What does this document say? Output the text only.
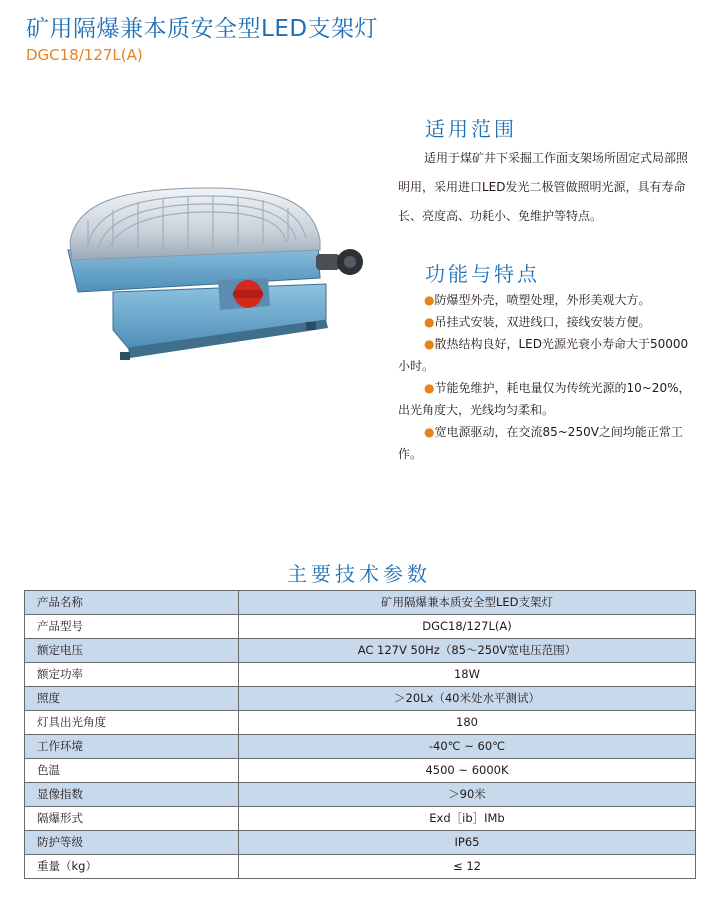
矿用隔爆兼本质安全型LED支架灯
DGC18/127L(A)
适用范围

适用于煤矿井下采掘工作面支架场所固定式局部照明用，采用进口LED发光二极管做照明光源，具有寿命长、亮度高、功耗小、免维护等特点。

功能与特点
●防爆型外壳，喷塑处理，外形美观大方。
●吊挂式安装，双进线口，接线安装方便。
●散热结构良好，LED光源光衰小寿命大于50000小时。
●节能免维护，耗电量仅为传统光源的10~20%，出光角度大，光线均匀柔和。
●宽电源驱动，在交流85~250V之间均能正常工作。
主要技术参数
产品名称	矿用隔爆兼本质安全型LED支架灯
产品型号	DGC18/127L(A)
额定电压	AC 127V 50Hz（85～250V宽电压范围）
额定功率	18W
照度	＞20Lx（40米处水平测试）
灯具出光角度	180
工作环境	-40℃ ~ 60℃
色温	4500 ~ 6000K
显像指数	＞90米
隔爆形式	Exd［ib］IMb
防护等级	IP65
重量（kg）	≤ 12
